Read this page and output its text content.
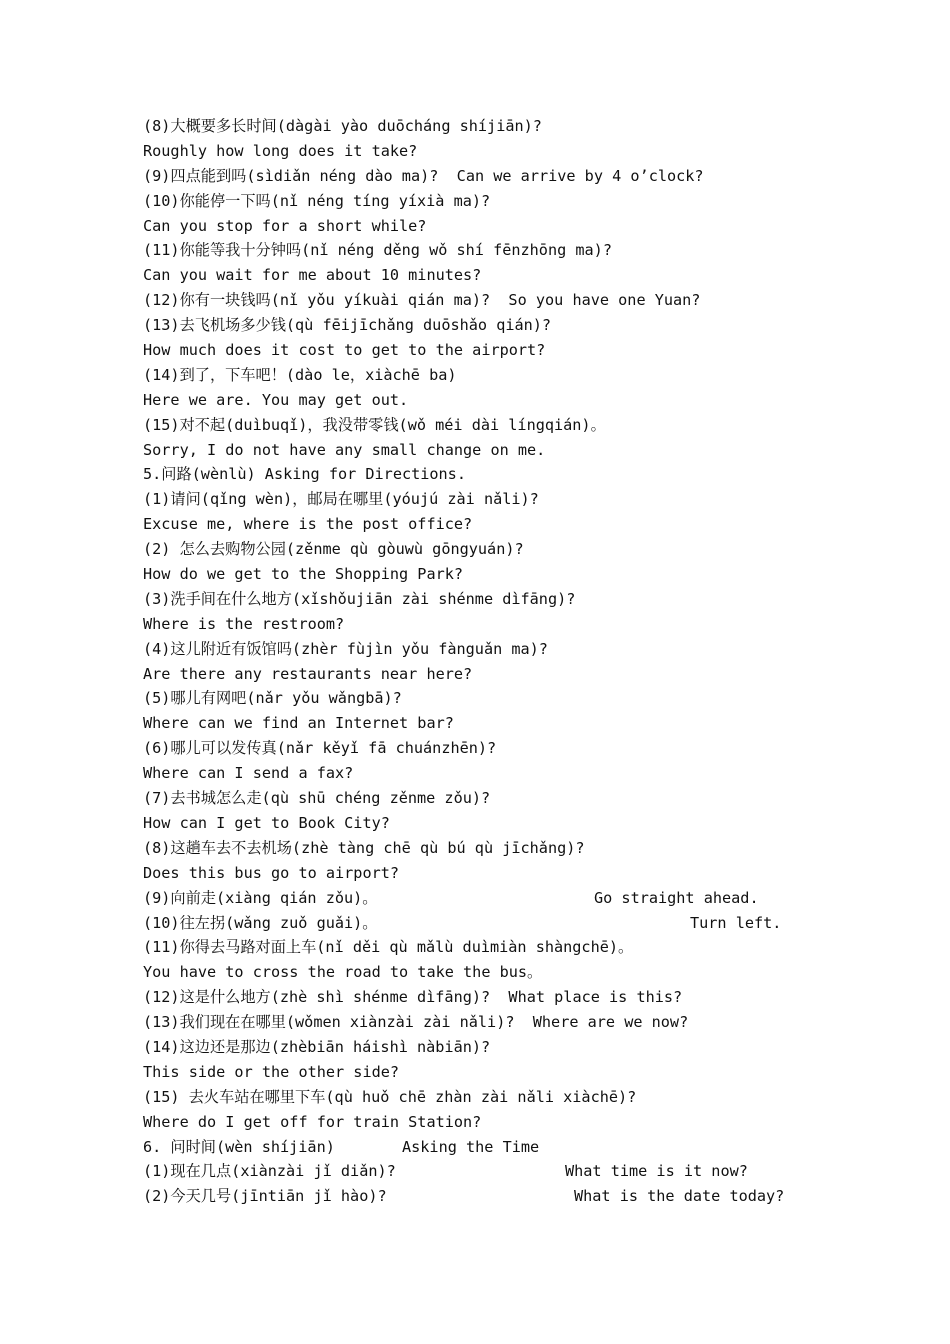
(8)大概要多长时间(dàgài yào duōcháng shíjiān)?
Roughly how long does it take?
(9)四点能到吗(sìdiǎn néng dào ma)?  Can we arrive by 4 o’clock?
(10)你能停一下吗(nǐ néng tíng yíxià ma)?
Can you stop for a short while?
(11)你能等我十分钟吗(nǐ néng děng wǒ shí fēnzhōng ma)?
Can you wait for me about 10 minutes?
(12)你有一块钱吗(nǐ yǒu yíkuài qián ma)?  So you have one Yuan?
(13)去飞机场多少钱(qù fēijīchǎng duōshǎo qián)?
How much does it cost to get to the airport?
(14)到了，下车吧！(dào le，xiàchē ba)
Here we are. You may get out.
(15)对不起(duìbuqǐ)，我没带零钱(wǒ méi dài língqián)。
Sorry, I do not have any small change on me.
5.问路(wènlù) Asking for Directions.
(1)请问(qǐng wèn)，邮局在哪里(yóujú zài nǎli)?
Excuse me, where is the post office?
(2) 怎么去购物公园(zěnme qù gòuwù gōngyuán)?
How do we get to the Shopping Park?
(3)洗手间在什么地方(xǐshǒujiān zài shénme dìfāng)?
Where is the restroom?
(4)这儿附近有饭馆吗(zhèr fùjìn yǒu fànguǎn ma)?
Are there any restaurants near here?
(5)哪儿有网吧(nǎr yǒu wǎngbā)?
Where can we find an Internet bar?
(6)哪儿可以发传真(nǎr kěyǐ fā chuánzhēn)?
Where can I send a fax?
(7)去书城怎么走(qù shū chéng zěnme zǒu)?
How can I get to Book City?
(8)这趟车去不去机场(zhè tàng chē qù bú qù jīchǎng)?
Does this bus go to airport?
(9)向前走(xiàng qián zǒu)。	Go straight ahead.
(10)往左拐(wǎng zuǒ guǎi)。	Turn left.
(11)你得去马路对面上车(nǐ děi qù mǎlù duìmiàn shàngchē)。
You have to cross the road to take the bus。
(12)这是什么地方(zhè shì shénme dìfāng)?  What place is this?
(13)我们现在在哪里(wǒmen xiànzài zài nǎli)?  Where are we now?
(14)这边还是那边(zhèbiān háishì nàbiān)?
This side or the other side?
(15) 去火车站在哪里下车(qù huǒ chē zhàn zài nǎli xiàchē)?
Where do I get off for train Station?
6. 问时间(wèn shíjiān)	Asking the Time
(1)现在几点(xiànzài jǐ diǎn)?	What time is it now?
(2)今天几号(jīntiān jǐ hào)?	What is the date today?
